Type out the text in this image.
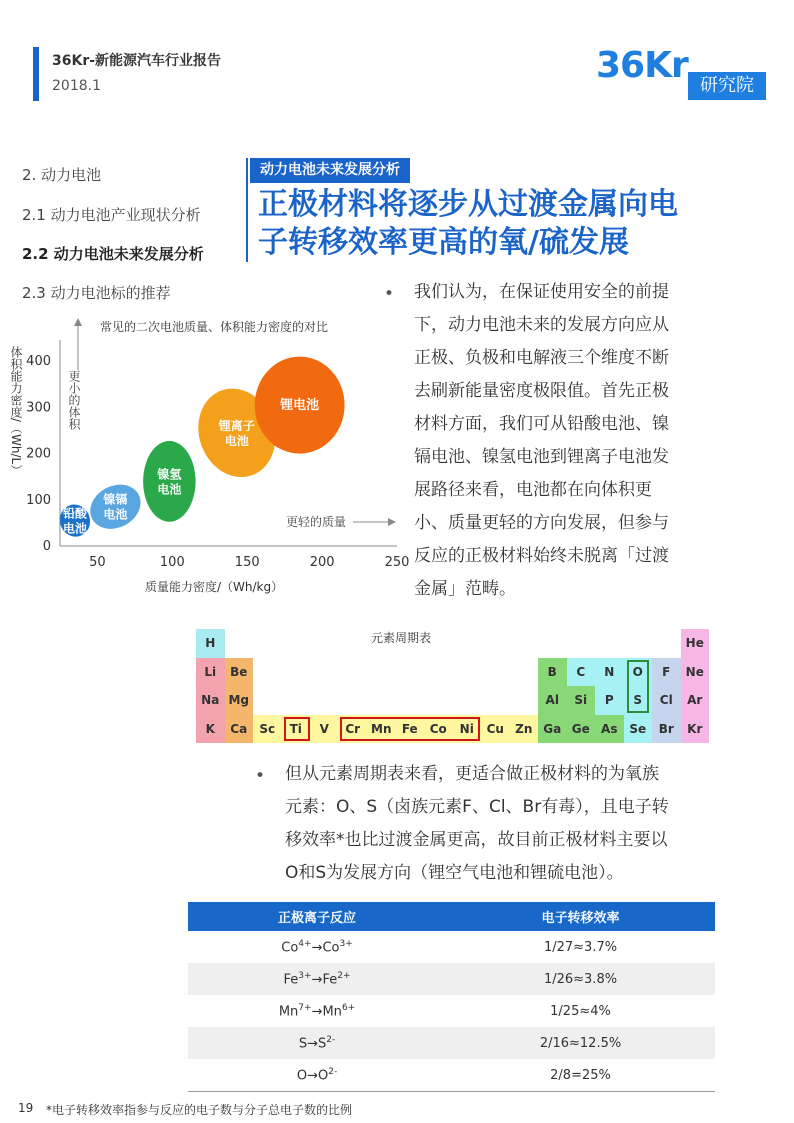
36Kr-新能源汽车行业报告
2018.1	36Kr 研究院
2. 动力电池
2.1 动力电池产业现状分析
2.2 动力电池未来发展分析
2.3 动力电池标的推荐
动力电池未来发展分析
正极材料将逐步从过渡金属向电
子转移效率更高的氧/硫发展
• 我们认为，在保证使用安全的前提
下，动力电池未来的发展方向应从
正极、负极和电解液三个维度不断
去刷新能量密度极限值。首先正极
材料方面，我们可从铅酸电池、镍
镉电池、镍氢电池到锂离子电池发
展路径来看，电池都在向体积更
小、质量更轻的方向发展，但参与
反应的正极材料始终未脱离「过渡
金属」范畴。
常见的二次电池质量、体积能力密度的对比
更小的体积
更轻的质量
质量能力密度/（Wh/kg）
体积能力密度/（Wh/L）
50	100	150	200	250
0
100
200
300
400
铅酸
电池
镍镉
电池
镍氢
电池
锂离子
电池
锂电池
元素周期表
H	He
Li	Be	B	C	N	O	F	Ne
Na Mg	Al	Si	P	S	Cl	Ar
K	Ca	Sc	Ti	V	Cr Mn Fe	Co	Ni	Cu Zn Ga Ge As Se	Br	Kr
• 但从元素周期表来看，更适合做正极材料的为氧族
元素：O、S（卤族元素F、Cl、Br有毒），且电子转
移效率*也比过渡金属更高，故目前正极材料主要以
O和S为发展方向（锂空气电池和锂硫电池）。
正极离子反应	电子转移效率
$Co^{4+}\to Co^{3+}$	1/27≈3.7%
$Fe^{3+}\to Fe^{2+}$	1/26≈3.8%
$Mn^{7+}\to Mn^{6+}$	1/25≈4%
$S\to S^{2-}$	2/16≈12.5%
$O\to O^{2-}$	2/8=25%
19 *电子转移效率指参与反应的电子数与分子总电子数的比例
